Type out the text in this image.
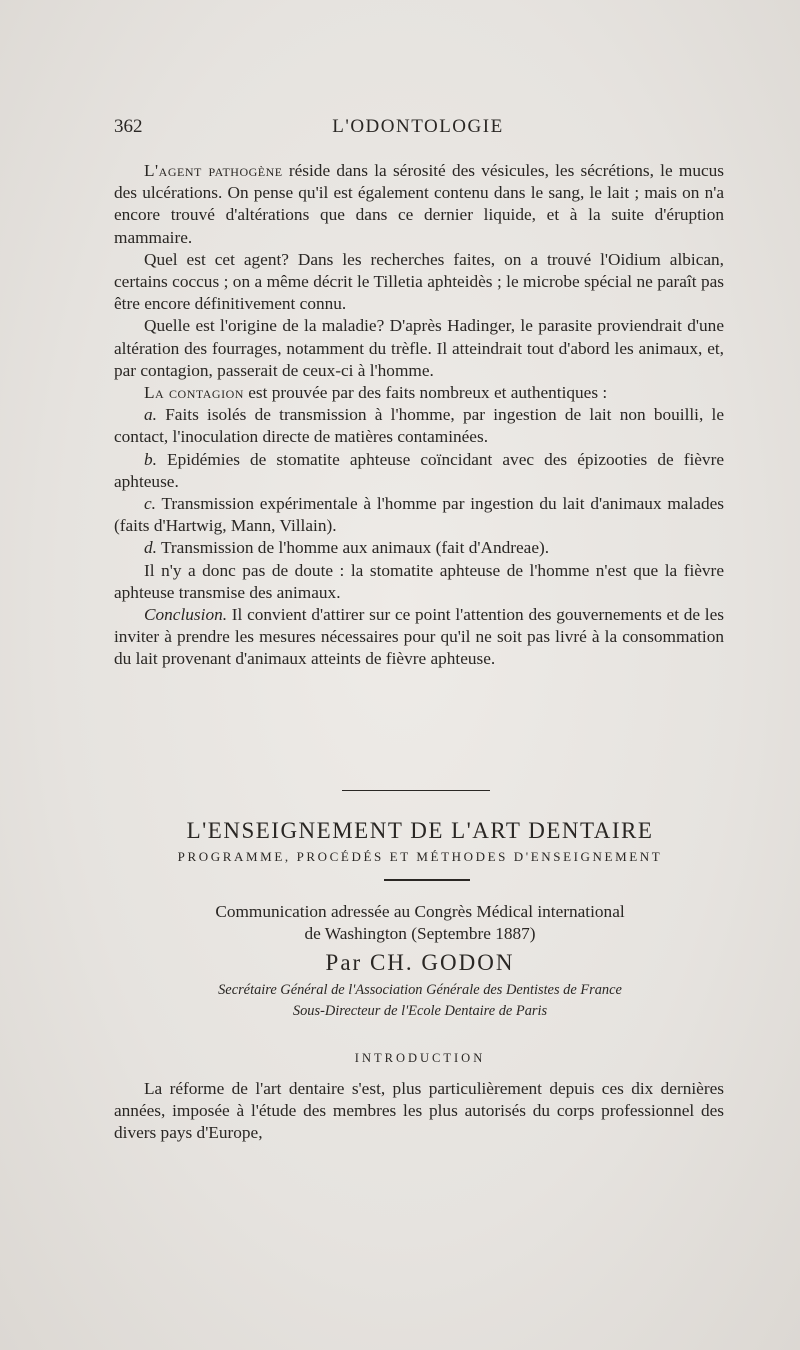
362	L'ODONTOLOGIE

L'agent pathogène réside dans la sérosité des vésicules, les sécrétions, le mucus des ulcérations. On pense qu'il est également contenu dans le sang, le lait ; mais on n'a encore trouvé d'altérations que dans ce dernier liquide, et à la suite d'éruption mammaire.

Quel est cet agent? Dans les recherches faites, on a trouvé l'Oidium albican, certains coccus ; on a même décrit le Tilletia aphteidès ; le microbe spécial ne paraît pas être encore définitivement connu.

Quelle est l'origine de la maladie? D'après Hadinger, le parasite proviendrait d'une altération des fourrages, notamment du trèfle. Il atteindrait tout d'abord les animaux, et, par contagion, passerait de ceux-ci à l'homme.

La contagion est prouvée par des faits nombreux et authentiques :

a. Faits isolés de transmission à l'homme, par ingestion de lait non bouilli, le contact, l'inoculation directe de matières contaminées.

b. Epidémies de stomatite aphteuse coïncidant avec des épizooties de fièvre aphteuse.

c. Transmission expérimentale à l'homme par ingestion du lait d'animaux malades (faits d'Hartwig, Mann, Villain).

d. Transmission de l'homme aux animaux (fait d'Andreae).

Il n'y a donc pas de doute : la stomatite aphteuse de l'homme n'est que la fièvre aphteuse transmise des animaux.

Conclusion. Il convient d'attirer sur ce point l'attention des gouvernements et de les inviter à prendre les mesures nécessaires pour qu'il ne soit pas livré à la consommation du lait provenant d'animaux atteints de fièvre aphteuse.

L'ENSEIGNEMENT DE L'ART DENTAIRE
PROGRAMME, PROCÉDÉS ET MÉTHODES D'ENSEIGNEMENT
Communication adressée au Congrès Médical international
de Washington (Septembre 1887)
Par CH. GODON
Secrétaire Général de l'Association Générale des Dentistes de France
Sous-Directeur de l'Ecole Dentaire de Paris
INTRODUCTION

La réforme de l'art dentaire s'est, plus particulièrement depuis ces dix dernières années, imposée à l'étude des membres les plus autorisés du corps professionnel des divers pays d'Europe,
